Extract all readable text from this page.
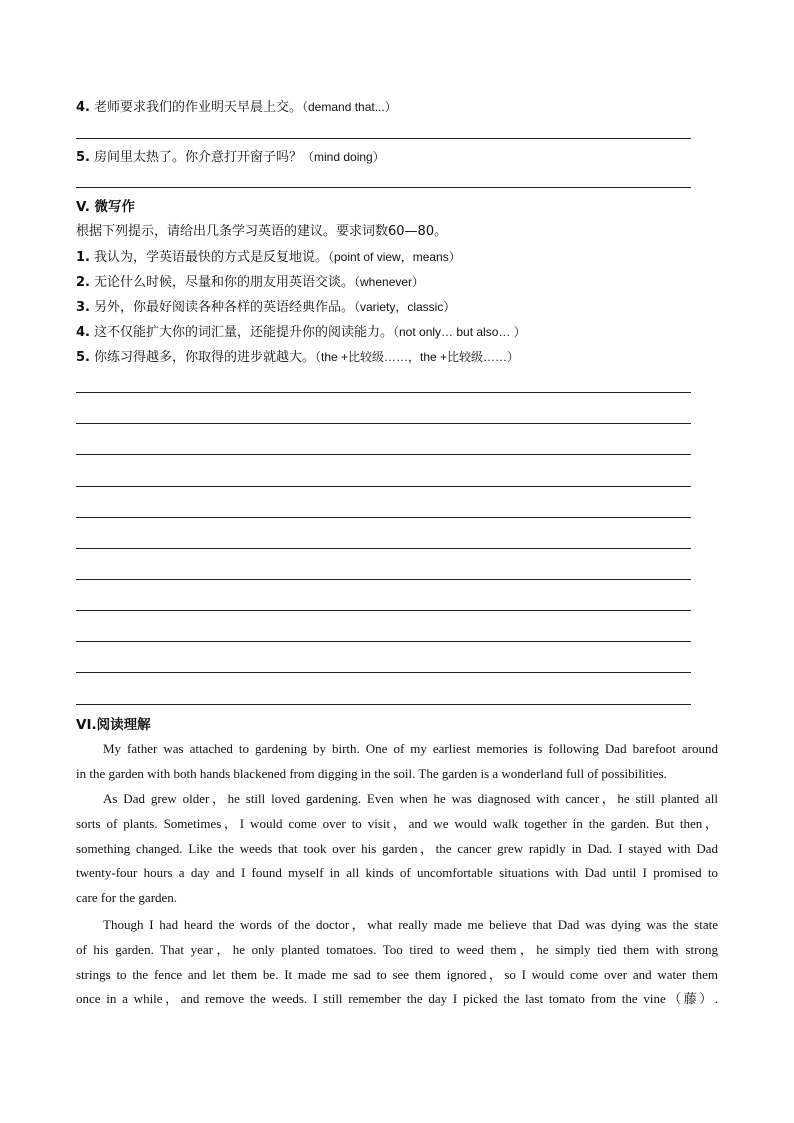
4. 老师要求我们的作业明天早晨上交。（demand that...）
5. 房间里太热了。你介意打开窗子吗？（mind doing）
V. 微写作
根据下列提示，请给出几条学习英语的建议。要求词数60—80。
1. 我认为，学英语最快的方式是反复地说。（point of view，means）
2. 无论什么时候，尽量和你的朋友用英语交谈。（whenever）
3. 另外，你最好阅读各种各样的英语经典作品。（variety，classic）
4. 这不仅能扩大你的词汇量，还能提升你的阅读能力。（not only… but also… ）
5. 你练习得越多，你取得的进步就越大。（the +比较级……，the +比较级……）
VI.阅读理解
My father was attached to gardening by birth. One of my earliest memories is following Dad barefoot around
in the garden with both hands blackened from digging in the soil. The garden is a wonderland full of possibilities.
As Dad grew older，he still loved gardening. Even when he was diagnosed with cancer，he still planted all
sorts of plants. Sometimes，I would come over to visit，and we would walk together in the garden. But then，
something changed. Like the weeds that took over his garden，the cancer grew rapidly in Dad. I stayed with Dad
twenty-four hours a day and I found myself in all kinds of uncomfortable situations with Dad until I promised to
care for the garden.
Though I had heard the words of the doctor，what really made me believe that Dad was dying was the state
of his garden. That year，he only planted tomatoes. Too tired to weed them，he simply tied them with strong
strings to the fence and let them be. It made me sad to see them ignored，so I would come over and water them
once in a while，and remove the weeds. I still remember the day I picked the last tomato from the vine（藤）.
